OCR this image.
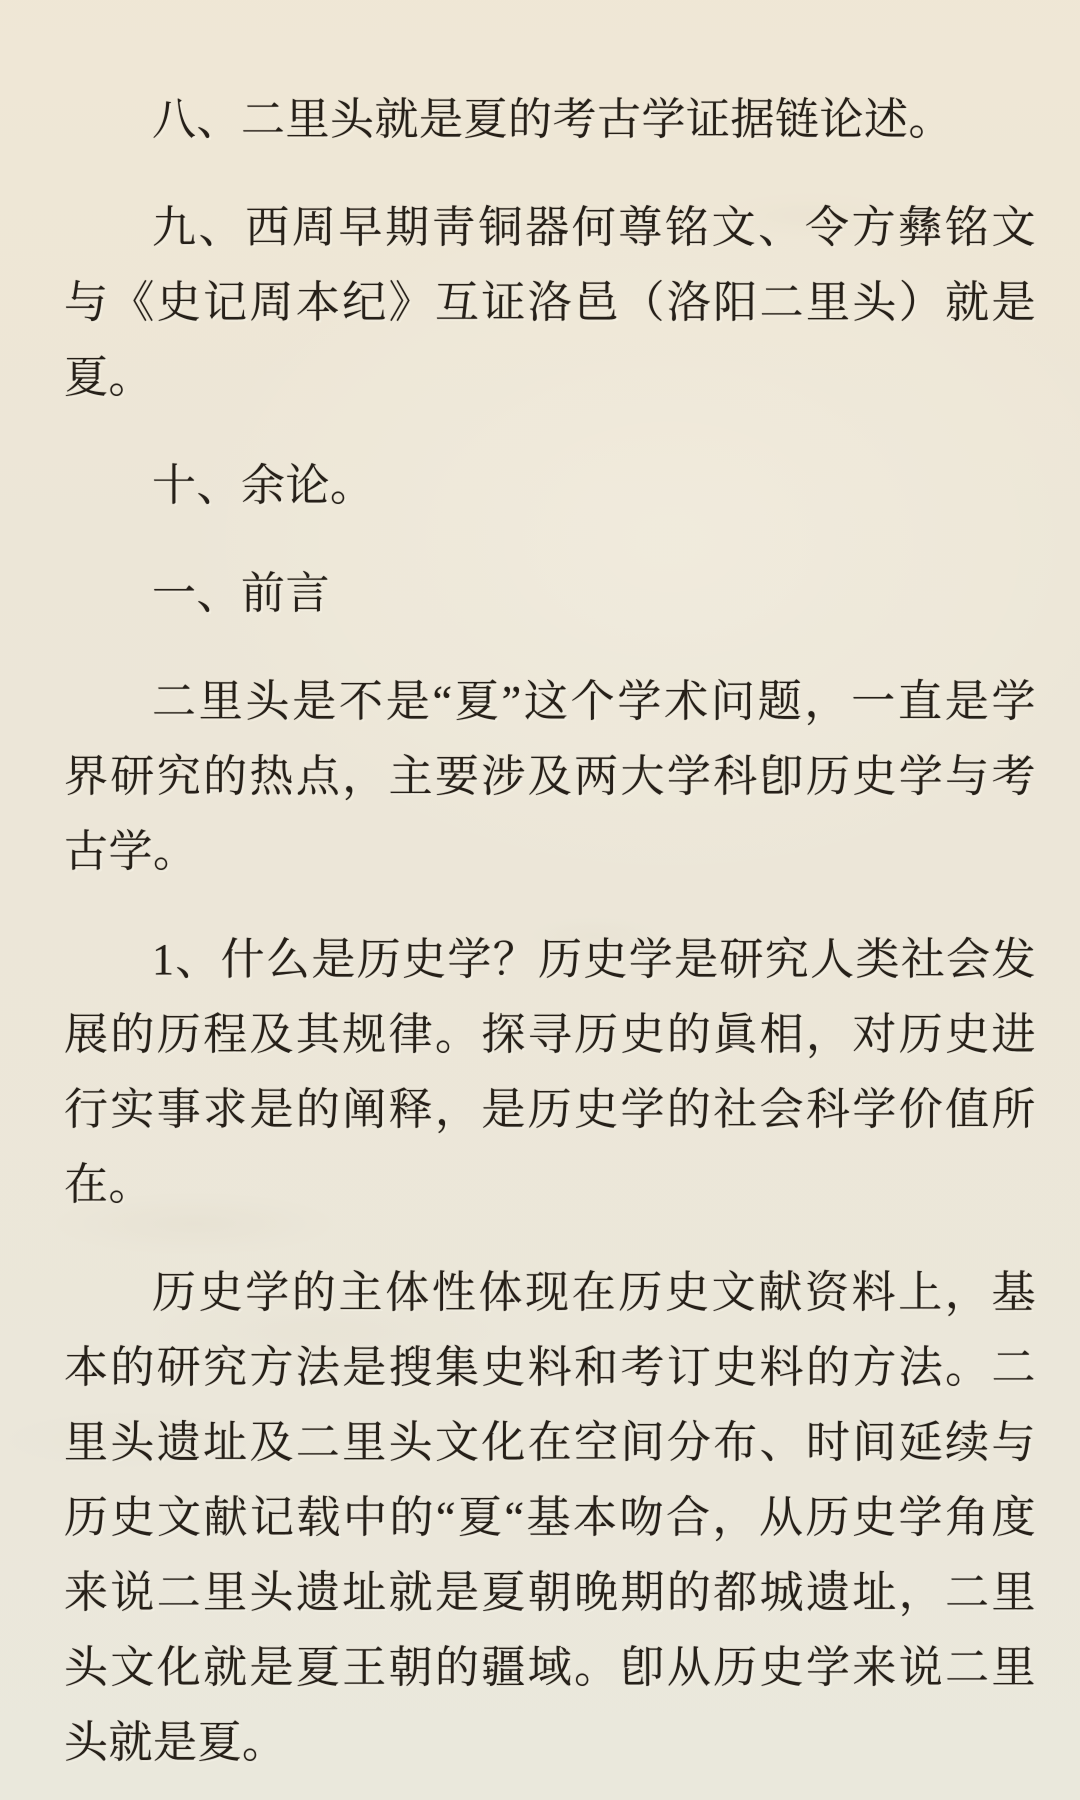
八、二里头就是夏的考古学证据链论述。

九、西周早期靑铜器何尊铭文、令方彝铭文与《史记周本纪》互证洛邑（洛阳二里头）就是夏。

十、余论。

一、前言

二里头是不是“夏”这个学术问题，一直是学界研究的热点，主要涉及两大学科卽历史学与考古学。

1、什么是历史学？历史学是研究人类社会发展的历程及其规律。探寻历史的眞相，对历史进行实事求是的阐释，是历史学的社会科学价值所在。

历史学的主体性体现在历史文献资料上，基本的研究方法是搜集史料和考订史料的方法。二里头遗址及二里头文化在空间分布、时间延续与历史文献记载中的“夏“基本吻合，从历史学角度来说二里头遗址就是夏朝晚期的都城遗址，二里头文化就是夏王朝的疆域。卽从历史学来说二里头就是夏。
